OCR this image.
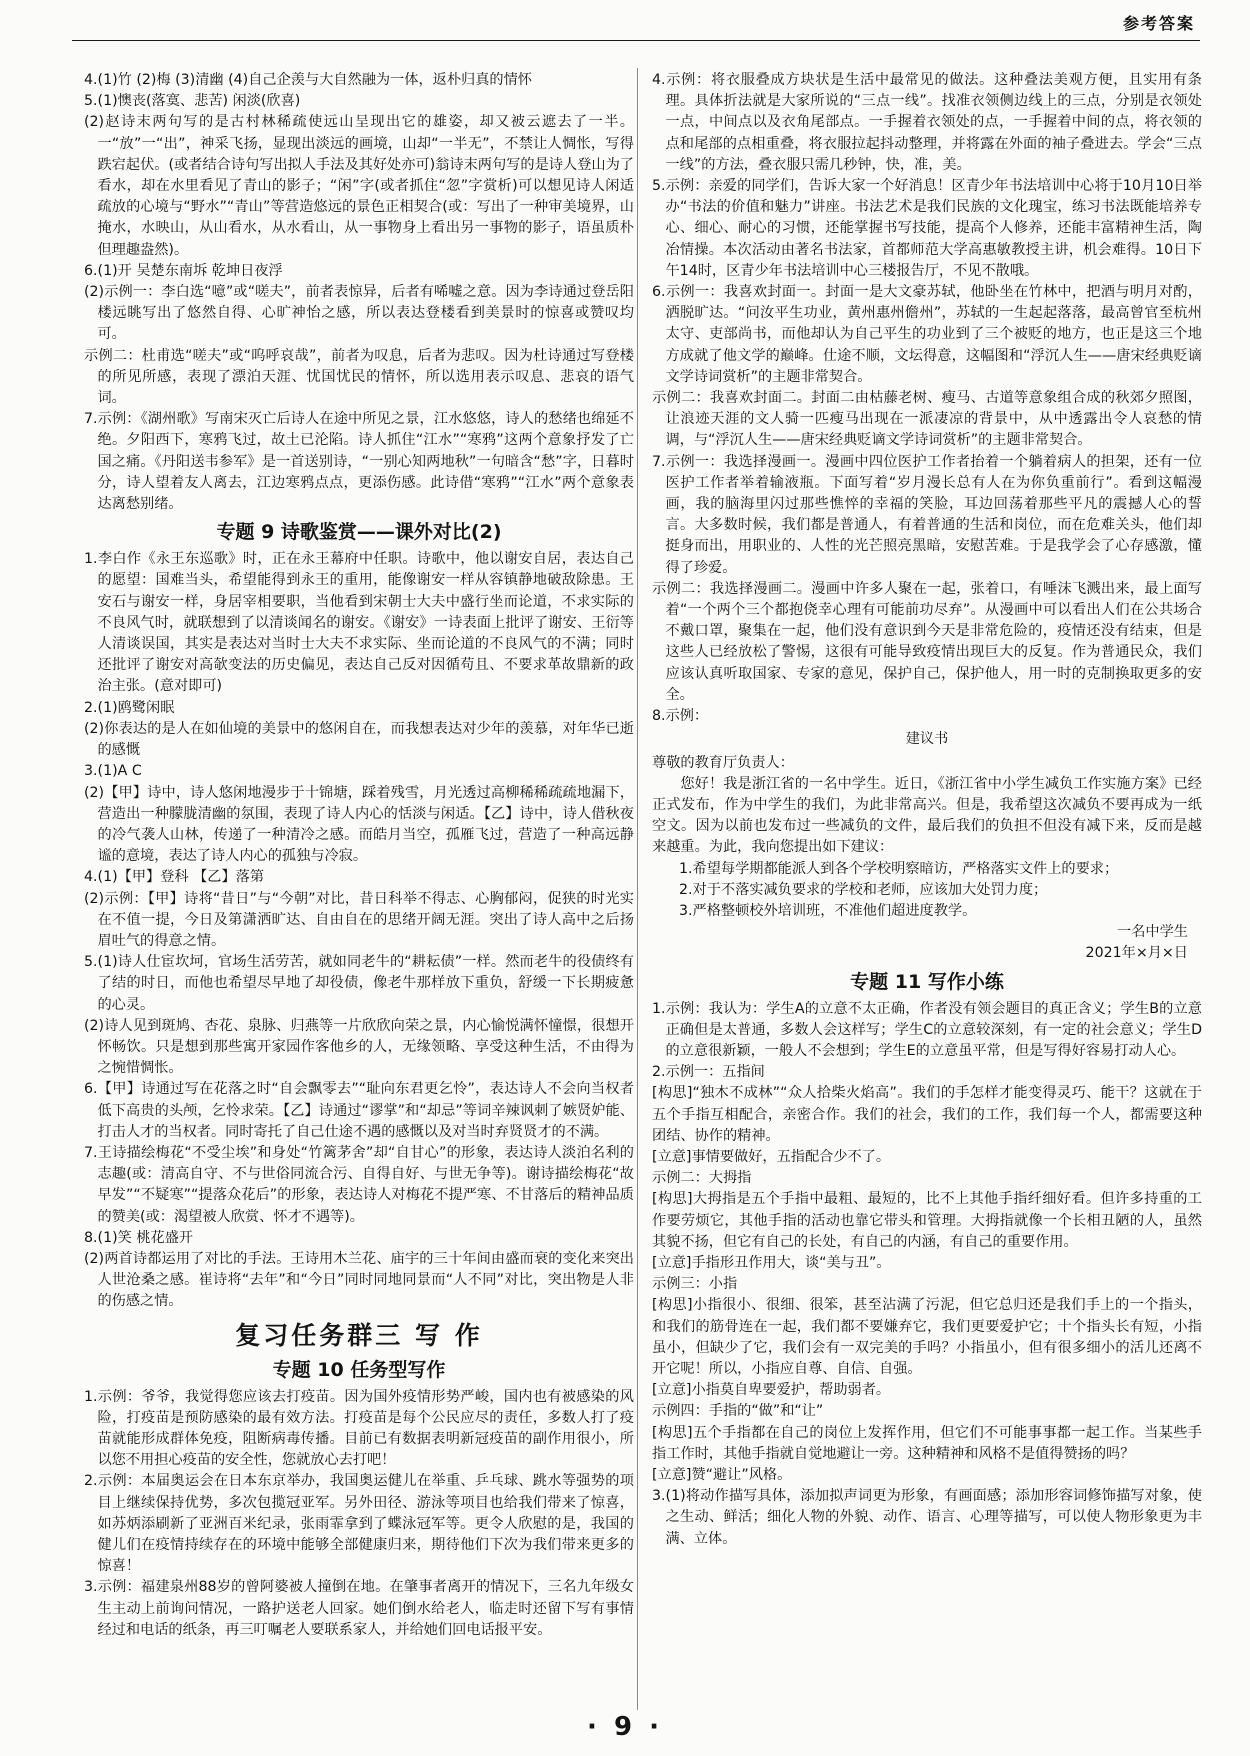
参考答案
4.(1)竹 (2)梅 (3)清幽 (4)自己企羡与大自然融为一体，返朴归真的情怀
5.(1)懊丧(落寞、悲苦) 闲淡(欣喜)
(2)赵诗末两句写的是古村林稀疏使远山呈现出它的雄姿，却又被云遮去了一半。一“放”一“出”，神采飞扬，显现出淡远的画境，山却“一半无”，不禁让人惆怅，写得跌宕起伏。(或者结合诗句写出拟人手法及其好处亦可)翁诗末两句写的是诗人登山为了看水，却在水里看见了青山的影子；“闲”字(或者抓住“忽”字赏析)可以想见诗人闲适疏放的心境与“野水”“青山”等营造悠远的景色正相契合(或：写出了一种审美境界，山掩水，水映山，从山看水，从水看山，从一事物身上看出另一事物的影子，语虽质朴但理趣盎然)。
6.(1)开 吴楚东南坼 乾坤日夜浮
(2)示例一：李白选“噫”或“嗟夫”，前者表惊异，后者有唏嘘之意。因为李诗通过登岳阳楼远眺写出了悠然自得、心旷神怡之感，所以表达登楼看到美景时的惊喜或赞叹均可。
示例二：杜甫选“嗟夫”或“呜呼哀哉”，前者为叹息，后者为悲叹。因为杜诗通过写登楼的所见所感，表现了漂泊天涯、忧国忧民的情怀，所以选用表示叹息、悲哀的语气词。
7.示例：《湖州歌》写南宋灭亡后诗人在途中所见之景，江水悠悠，诗人的愁绪也绵延不绝。夕阳西下，寒鸦飞过，故土已沦陷。诗人抓住“江水”“寒鸦”这两个意象抒发了亡国之痛。《丹阳送韦参军》是一首送别诗，“一别心知两地秋”一句暗含“愁”字，日暮时分，诗人望着友人离去，江边寒鸦点点，更添伤感。此诗借“寒鸦”“江水”两个意象表达离愁别绪。
专题 9 诗歌鉴赏——课外对比(2)
1.李白作《永王东巡歌》时，正在永王幕府中任职。诗歌中，他以谢安自居，表达自己的愿望：国难当头，希望能得到永王的重用，能像谢安一样从容镇静地破敌除患。王安石与谢安一样，身居宰相要职，当他看到宋朝士大夫中盛行坐而论道，不求实际的不良风气时，就联想到了以清谈闻名的谢安。《谢安》一诗表面上批评了谢安、王衍等人清谈误国，其实是表达对当时士大夫不求实际、坐而论道的不良风气的不满；同时还批评了谢安对高欹变法的历史偏见，表达自己反对因循苟且、不要求革故鼎新的政治主张。(意对即可)
2.(1)鸥鹭闲眠
(2)你表达的是人在如仙境的美景中的悠闲自在，而我想表达对少年的羡慕，对年华已逝的感慨
3.(1)A C
(2)【甲】诗中，诗人悠闲地漫步于十锦塘，踩着残雪，月光透过高柳稀稀疏疏地漏下，营造出一种朦胧清幽的氛围，表现了诗人内心的恬淡与闲适。【乙】诗中，诗人借秋夜的冷气袭人山林，传递了一种清冷之感。而皓月当空，孤雁飞过，营造了一种高远静谧的意境，表达了诗人内心的孤独与冷寂。
4.(1)【甲】登科 【乙】落第
(2)示例：【甲】诗将“昔日”与“今朝”对比，昔日科举不得志、心胸郁闷，促狭的时光实在不值一提，今日及第潇洒旷达、自由自在的思绪开阔无涯。突出了诗人高中之后扬眉吐气的得意之情。
5.(1)诗人仕宦坎坷，官场生活劳苦，就如同老牛的“耕耘债”一样。然而老牛的役债终有了结的时日，而他也希望尽早地了却役债，像老牛那样放下重负，舒缓一下长期疲惫的心灵。
(2)诗人见到斑鸠、杏花、泉脉、归燕等一片欣欣向荣之景，内心愉悦满怀憧憬，很想开怀畅饮。只是想到那些寓开家园作客他乡的人，无缘领略、享受这种生活，不由得为之惋惜惆怅。
6.【甲】诗通过写在花落之时“自会飘零去”“耻向东君更乞怜”，表达诗人不会向当权者低下高贵的头颅，乞怜求荣。【乙】诗通过“谬掌”和“却忌”等词辛辣讽刺了嫉贤妒能、打击人才的当权者。同时寄托了自己仕途不遇的感慨以及对当时弃贤贤才的不满。
7.王诗描绘梅花“不受尘埃”和身处“竹篱茅舍”却“自甘心”的形象，表达诗人淡泊名利的志趣(或：清高自守、不与世俗同流合污、自得自好、与世无争等)。谢诗描绘梅花“故早发”“不疑寒”“提落众花后”的形象，表达诗人对梅花不提严寒、不甘落后的精神品质的赞美(或：渴望被人欣赏、怀才不遇等)。
8.(1)笑 桃花盛开
(2)两首诗都运用了对比的手法。王诗用木兰花、庙宇的三十年间由盛而衰的变化来突出人世沧桑之感。崔诗将“去年”和“今日”同时同地同景而“人不同”对比，突出物是人非的伤感之情。
复习任务群三 写 作
专题 10 任务型写作
1.示例：爷爷，我觉得您应该去打疫苗。因为国外疫情形势严峻，国内也有被感染的风险，打疫苗是预防感染的最有效方法。打疫苗是每个公民应尽的责任，多数人打了疫苗就能形成群体免疫，阻断病毒传播。目前已有数据表明新冠疫苗的副作用很小，所以您不用担心疫苗的安全性，您就放心去打吧！
2.示例：本届奥运会在日本东京举办，我国奥运健儿在举重、乒乓球、跳水等强势的项目上继续保持优势，多次包揽冠亚军。另外田径、游泳等项目也给我们带来了惊喜，如苏炳添刷新了亚洲百米纪录，张雨霏拿到了蝶泳冠军等。更令人欣慰的是，我国的健儿们在疫情持续存在的环境中能够全部健康归来，期待他们下次为我们带来更多的惊喜！
3.示例：福建泉州88岁的曾阿婆被人撞倒在地。在肇事者离开的情况下，三名九年级女生主动上前询问情况，一路护送老人回家。她们倒水给老人，临走时还留下写有事情经过和电话的纸条，再三叮嘱老人要联系家人，并给她们回电话报平安。
4.示例：将衣服叠成方块状是生活中最常见的做法。这种叠法美观方便，且实用有条理。具体折法就是大家所说的“三点一线”。找准衣领侧边线上的三点，分别是衣领处一点，中间点以及衣角尾部点。一手握着衣领处的点，一手握着中间的点，将衣领的点和尾部的点相重叠，将衣服拉起抖动整理，并将露在外面的袖子叠进去。学会“三点一线”的方法，叠衣服只需几秒钟，快，准，美。
5.示例：亲爱的同学们，告诉大家一个好消息！区青少年书法培训中心将于10月10日举办“书法的价值和魅力”讲座。书法艺术是我们民族的文化瑰宝，练习书法既能培养专心、细心、耐心的习惯，还能掌握书写技能，提高个人修养，还能丰富精神生活，陶冶情操。本次活动由著名书法家，首都师范大学高惠敏教授主讲，机会难得。10日下午14时，区青少年书法培训中心三楼报告厅，不见不散哦。
6.示例一：我喜欢封面一。封面一是大文豪苏轼，他卧坐在竹林中，把酒与明月对酌，洒脱旷达。“问汝平生功业，黄州惠州儋州”，苏轼的一生起起落落，最高曾官至杭州太守、吏部尚书，而他却认为自己平生的功业到了三个被贬的地方，也正是这三个地方成就了他文学的巅峰。仕途不顺，文坛得意，这幅图和“浮沉人生——唐宋经典贬谪文学诗词赏析”的主题非常契合。
示例二：我喜欢封面二。封面二由枯藤老树、瘦马、古道等意象组合成的秋郊夕照图，让浪迹天涯的文人骑一匹瘦马出现在一派凄凉的背景中，从中透露出令人哀愁的情调，与“浮沉人生——唐宋经典贬谪文学诗词赏析”的主题非常契合。
7.示例一：我选择漫画一。漫画中四位医护工作者抬着一个躺着病人的担架，还有一位医护工作者举着输液瓶。下面写着“岁月漫长总有人在为你负重前行”。看到这幅漫画，我的脑海里闪过那些憔悴的幸福的笑脸，耳边回荡着那些平凡的震撼人心的誓言。大多数时候，我们都是普通人，有着普通的生活和岗位，而在危难关头，他们却挺身而出，用职业的、人性的光芒照亮黑暗，安慰苦难。于是我学会了心存感激，懂得了珍爱。
示例二：我选择漫画二。漫画中许多人聚在一起，张着口，有唾沫飞溅出来，最上面写着“一个两个三个都抱侥幸心理有可能前功尽弃”。从漫画中可以看出人们在公共场合不戴口罩，聚集在一起，他们没有意识到今天是非常危险的，疫情还没有结束，但是这些人已经放松了警惕，这很有可能导致疫情出现巨大的反复。作为普通民众，我们应该认真听取国家、专家的意见，保护自己，保护他人，用一时的克制换取更多的安全。
8.示例：
建议书
尊敬的教育厅负责人：
您好！我是浙江省的一名中学生。近日，《浙江省中小学生减负工作实施方案》已经正式发布，作为中学生的我们，为此非常高兴。但是，我希望这次减负不要再成为一纸空文。因为以前也发布过一些减负的文件，最后我们的负担不但没有减下来，反而是越来越重。为此，我向您提出如下建议：
1.希望每学期都能派人到各个学校明察暗访，严格落实文件上的要求；
2.对于不落实减负要求的学校和老师，应该加大处罚力度；
3.严格整顿校外培训班，不准他们超进度教学。
一名中学生
2021年×月×日
专题 11 写作小练
1.示例：我认为：学生A的立意不太正确，作者没有领会题目的真正含义；学生B的立意正确但是太普通，多数人会这样写；学生C的立意较深刻，有一定的社会意义；学生D的立意很新颖，一般人不会想到；学生E的立意虽平常，但是写得好容易打动人心。
2.示例一：五指间
[构思]“独木不成林”“众人拾柴火焰高”。我们的手怎样才能变得灵巧、能干？这就在于五个手指互相配合，亲密合作。我们的社会，我们的工作，我们每一个人，都需要这种团结、协作的精神。
[立意]事情要做好，五指配合少不了。
示例二：大拇指
[构思]大拇指是五个手指中最粗、最短的，比不上其他手指纤细好看。但许多持重的工作要劳烦它，其他手指的活动也靠它带头和管理。大拇指就像一个长相丑陋的人，虽然其貌不扬，但它有自己的长处，有自己的内涵，有自己的重要作用。
[立意]手指形丑作用大，谈“美与丑”。
示例三：小指
[构思]小指很小、很细、很笨，甚至沾满了污泥，但它总归还是我们手上的一个指头，和我们的筋骨连在一起，我们都不要嫌弃它，我们更要爱护它；十个指头长有短，小指虽小，但缺少了它，我们会有一双完美的手吗？小指虽小，但有很多细小的活儿还离不开它呢！所以，小指应自尊、自信、自强。
[立意]小指莫自卑要爱护，帮助弱者。
示例四：手指的“做”和“让”
[构思]五个手指都在自己的岗位上发挥作用，但它们不可能事事都一起工作。当某些手指工作时，其他手指就自觉地避让一旁。这种精神和风格不是值得赞扬的吗？
[立意]赞“避让”风格。
3.(1)将动作描写具体，添加拟声词更为形象，有画面感；添加形容词修饰描写对象，使之生动、鲜活；细化人物的外貌、动作、语言、心理等描写，可以使人物形象更为丰满、立体。
· 9 ·
